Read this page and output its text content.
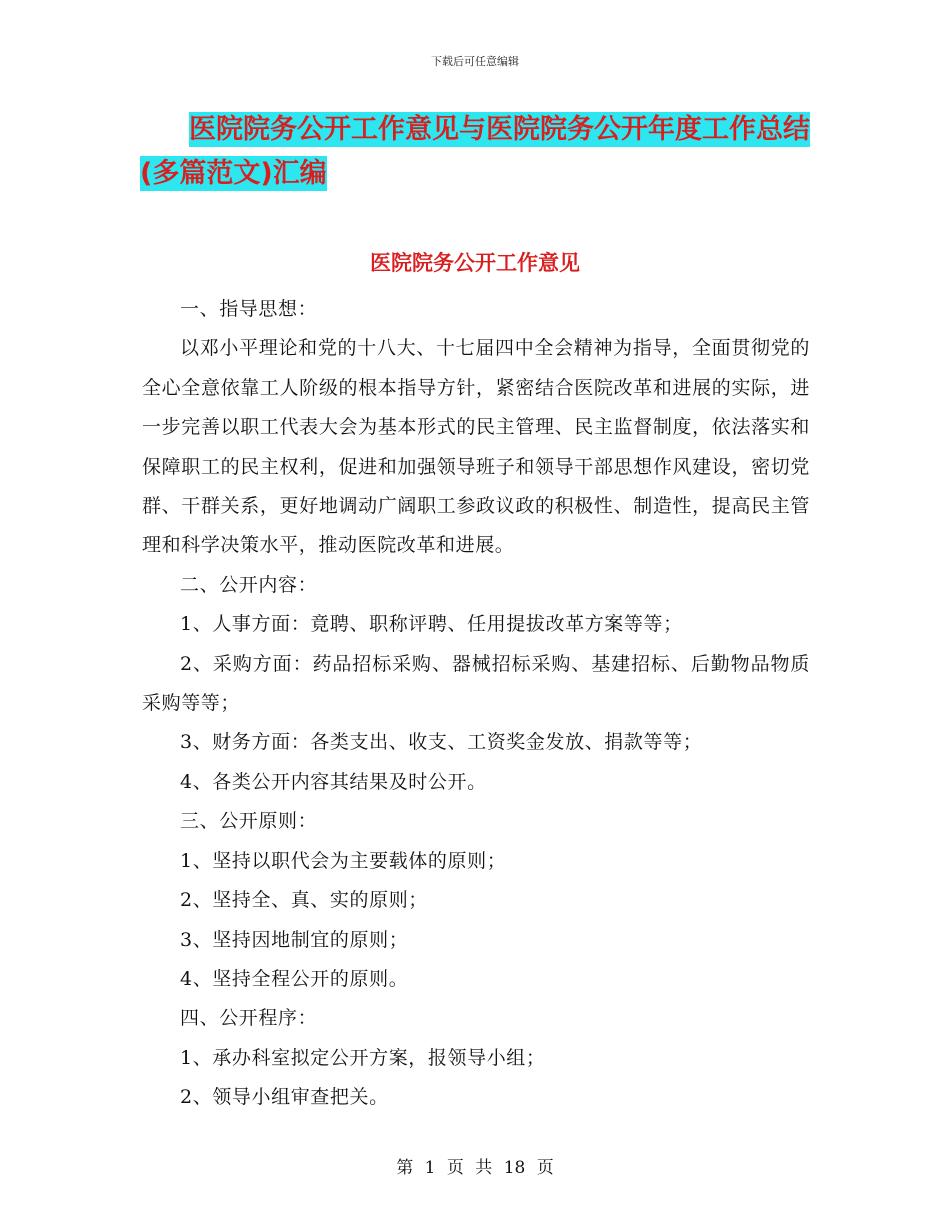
下载后可任意编辑
医院院务公开工作意见与医院院务公开年度工作总结
(多篇范文)汇编
医院院务公开工作意见

一、指导思想：

以邓小平理论和党的十八大、十七届四中全会精神为指导，全面贯彻党的全心全意依靠工人阶级的根本指导方针，紧密结合医院改革和进展的实际，进一步完善以职工代表大会为基本形式的民主管理、民主监督制度，依法落实和保障职工的民主权利，促进和加强领导班子和领导干部思想作风建设，密切党群、干群关系，更好地调动广阔职工参政议政的积极性、制造性，提高民主管理和科学决策水平，推动医院改革和进展。

二、公开内容：

1、人事方面：竟聘、职称评聘、任用提拔改革方案等等；

2、采购方面：药品招标采购、器械招标采购、基建招标、后勤物品物质采购等等；

3、财务方面：各类支出、收支、工资奖金发放、捐款等等；

4、各类公开内容其结果及时公开。

三、公开原则：

1、坚持以职代会为主要载体的原则；

2、坚持全、真、实的原则；

3、坚持因地制宜的原则；

4、坚持全程公开的原则。

四、公开程序：

1、承办科室拟定公开方案，报领导小组；

2、领导小组审查把关。

第 1 页 共 18 页
